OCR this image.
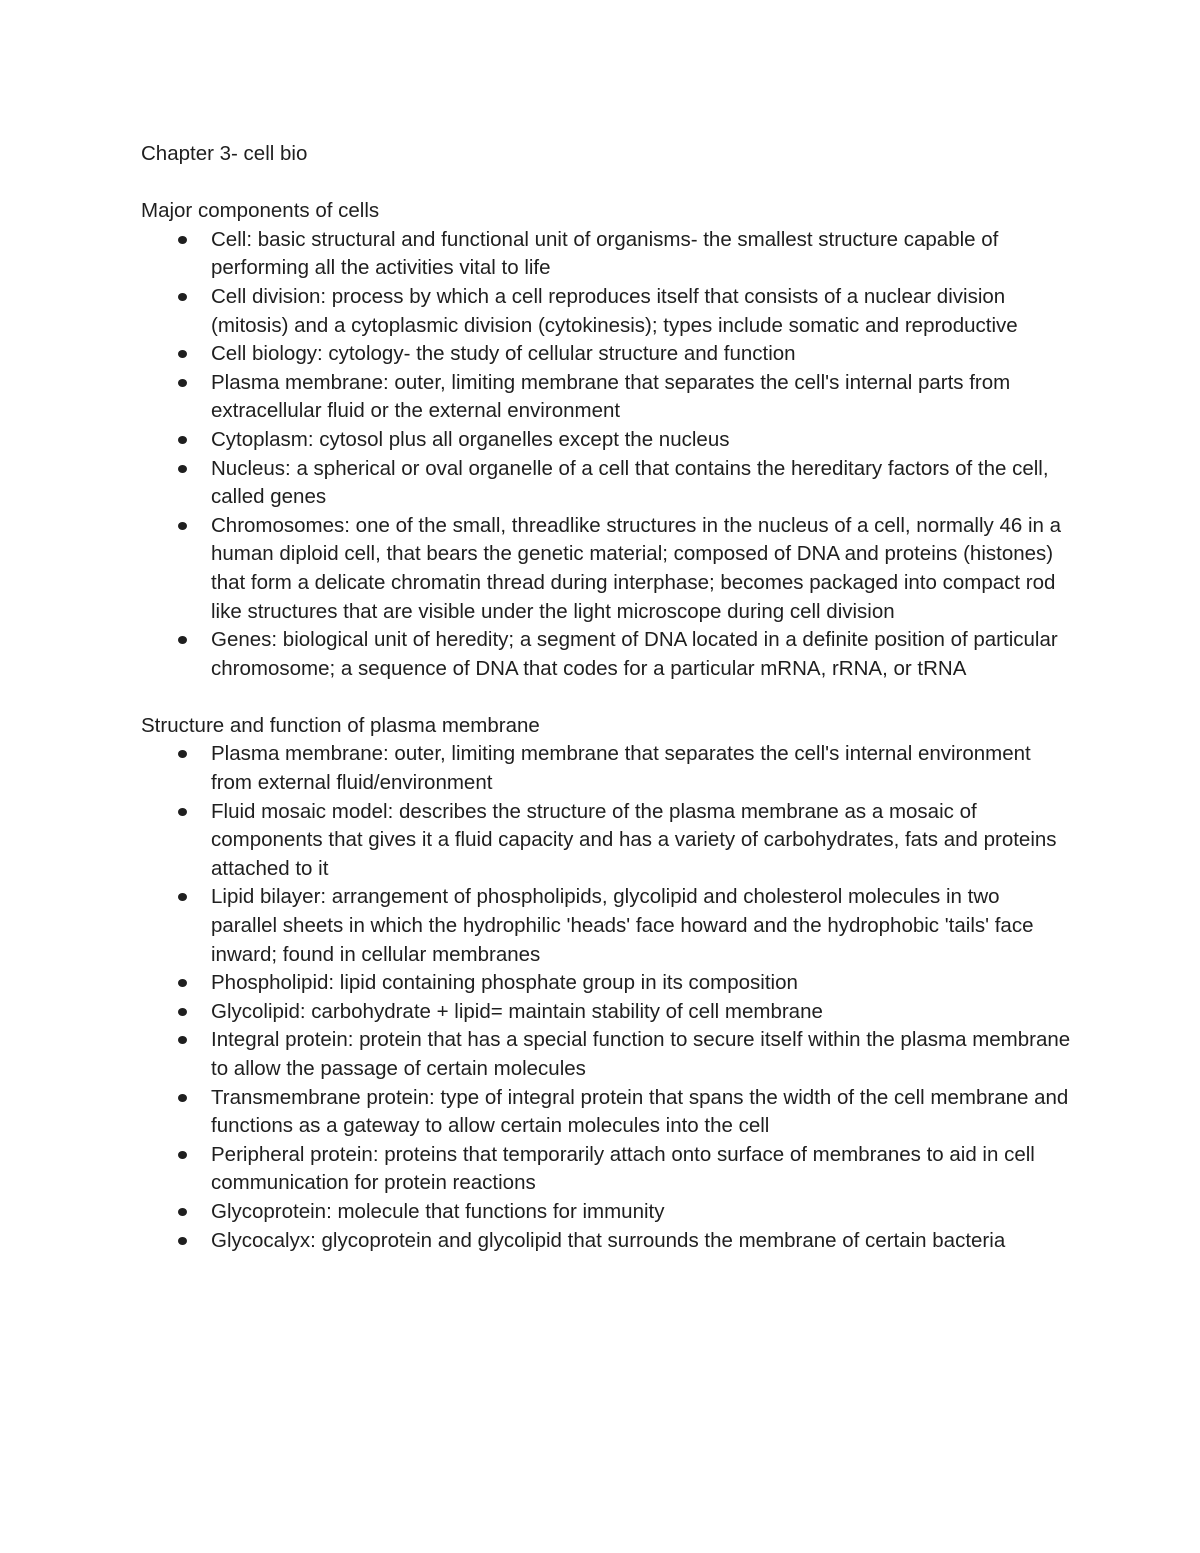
Chapter 3- cell bio
Major components of cells
Cell: basic structural and functional unit of organisms- the smallest structure capable of performing all the activities vital to life
Cell division: process by which a cell reproduces itself that consists of a nuclear division (mitosis) and a cytoplasmic division (cytokinesis); types include somatic and reproductive
Cell biology: cytology- the study of cellular structure and function
Plasma membrane: outer, limiting membrane that separates the cell's internal parts from extracellular fluid or the external environment
Cytoplasm: cytosol plus all organelles except the nucleus
Nucleus: a spherical or oval organelle of a cell that contains the hereditary factors of the cell, called genes
Chromosomes: one of the small, threadlike structures in the nucleus of a cell, normally 46 in a human diploid cell, that bears the genetic material; composed of DNA and proteins (histones) that form a delicate chromatin thread during interphase; becomes packaged into compact rod like structures that are visible under the light microscope during cell division
Genes: biological unit of heredity; a segment of DNA located in a definite position of particular chromosome; a sequence of DNA that codes for a particular mRNA, rRNA, or tRNA
Structure and function of plasma membrane
Plasma membrane: outer, limiting membrane that separates the cell's internal environment from external fluid/environment
Fluid mosaic model: describes the structure of the plasma membrane as a mosaic of components that gives it a fluid capacity and has a variety of carbohydrates, fats and proteins attached to it
Lipid bilayer: arrangement of phospholipids, glycolipid and cholesterol molecules in two parallel sheets in which the hydrophilic 'heads' face howard and the hydrophobic 'tails' face inward; found in cellular membranes
Phospholipid: lipid containing phosphate group in its composition
Glycolipid: carbohydrate + lipid= maintain stability of cell membrane
Integral protein: protein that has a special function to secure itself within the plasma membrane to allow the passage of certain molecules
Transmembrane protein: type of integral protein that spans the width of the cell membrane and functions as a gateway to allow certain molecules into the cell
Peripheral protein: proteins that temporarily attach onto surface of membranes to aid in cell communication for protein reactions
Glycoprotein: molecule that functions for immunity
Glycocalyx: glycoprotein and glycolipid that surrounds the membrane of certain bacteria
